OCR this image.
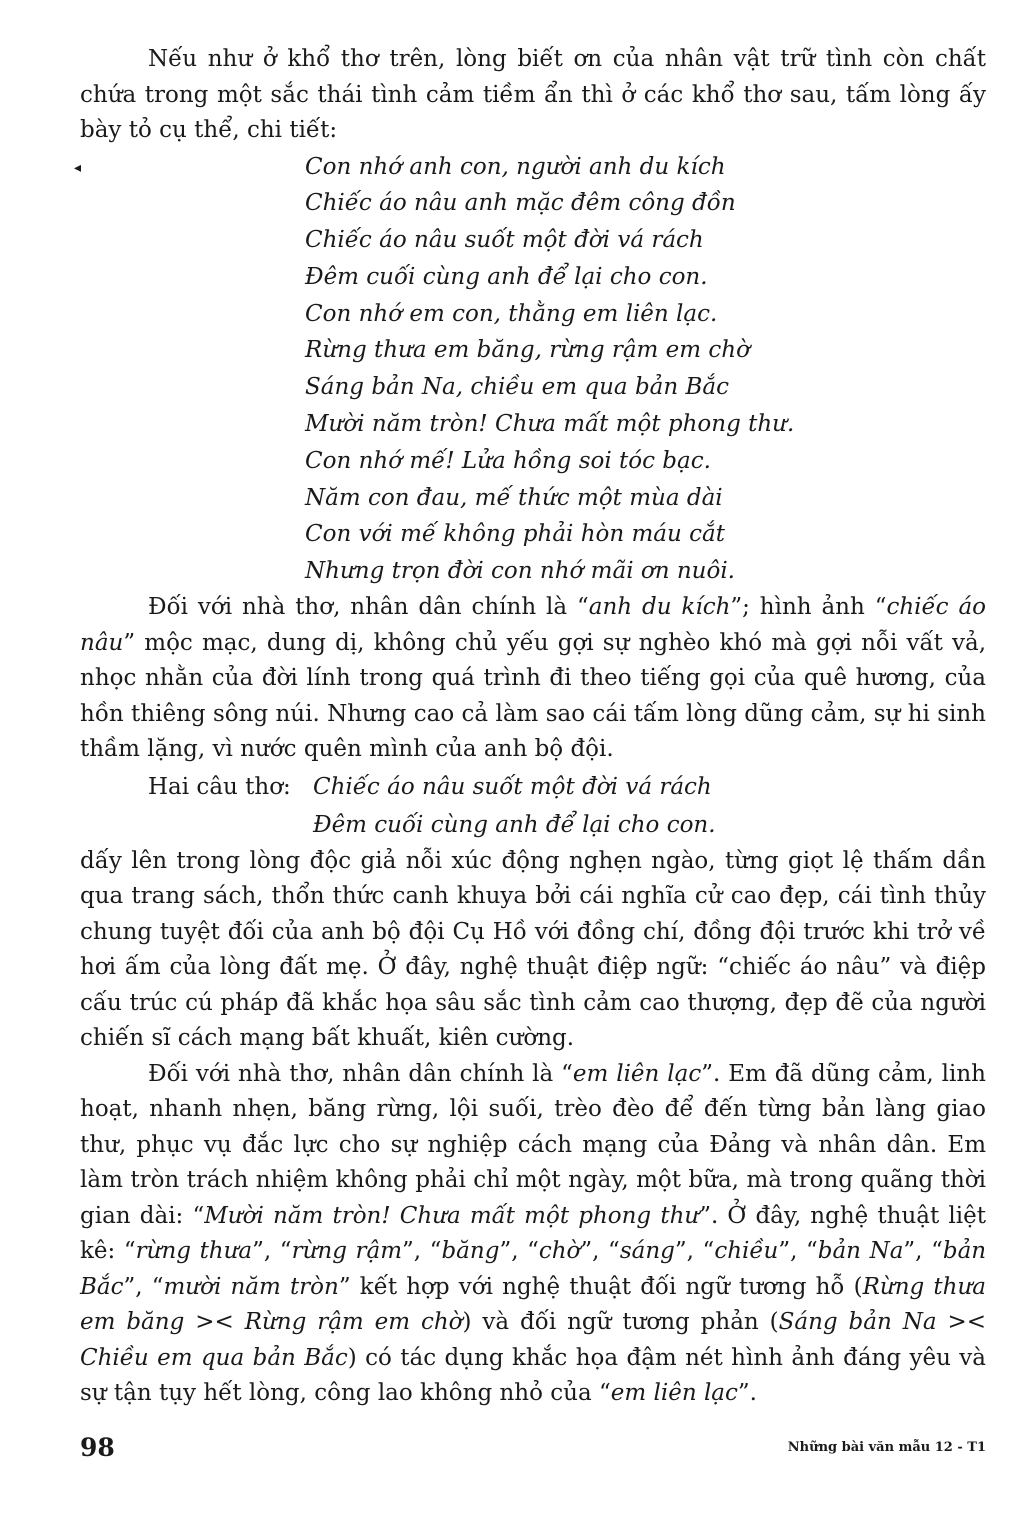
Nếu như ở khổ thơ trên, lòng biết ơn của nhân vật trữ tình còn chất chứa trong một sắc thái tình cảm tiềm ẩn thì ở các khổ thơ sau, tấm lòng ấy bày tỏ cụ thể, chi tiết:

Con nhớ anh con, người anh du kích
Chiếc áo nâu anh mặc đêm công đồn
Chiếc áo nâu suốt một đời vá rách
Đêm cuối cùng anh để lại cho con.
Con nhớ em con, thằng em liên lạc.
Rừng thưa em băng, rừng rậm em chờ
Sáng bản Na, chiều em qua bản Bắc
Mười năm tròn! Chưa mất một phong thư.
Con nhớ mế! Lửa hồng soi tóc bạc.
Năm con đau, mế thức một mùa dài
Con với mế không phải hòn máu cắt
Nhưng trọn đời con nhớ mãi ơn nuôi.

Đối với nhà thơ, nhân dân chính là “anh du kích”; hình ảnh “chiếc áo nâu” mộc mạc, dung dị, không chủ yếu gợi sự nghèo khó mà gợi nỗi vất vả, nhọc nhằn của đời lính trong quá trình đi theo tiếng gọi của quê hương, của hồn thiêng sông núi. Nhưng cao cả làm sao cái tấm lòng dũng cảm, sự hi sinh thầm lặng, vì nước quên mình của anh bộ đội.

Hai câu thơ: Chiếc áo nâu suốt một đời vá rách
Đêm cuối cùng anh để lại cho con.

dấy lên trong lòng độc giả nỗi xúc động nghẹn ngào, từng giọt lệ thấm dần qua trang sách, thổn thức canh khuya bởi cái nghĩa cử cao đẹp, cái tình thủy chung tuyệt đối của anh bộ đội Cụ Hồ với đồng chí, đồng đội trước khi trở về hơi ấm của lòng đất mẹ. Ở đây, nghệ thuật điệp ngữ: “chiếc áo nâu” và điệp cấu trúc cú pháp đã khắc họa sâu sắc tình cảm cao thượng, đẹp đẽ của người chiến sĩ cách mạng bất khuất, kiên cường.

Đối với nhà thơ, nhân dân chính là “em liên lạc”. Em đã dũng cảm, linh hoạt, nhanh nhẹn, băng rừng, lội suối, trèo đèo để đến từng bản làng giao thư, phục vụ đắc lực cho sự nghiệp cách mạng của Đảng và nhân dân. Em làm tròn trách nhiệm không phải chỉ một ngày, một bữa, mà trong quãng thời gian dài: “Mười năm tròn! Chưa mất một phong thư”. Ở đây, nghệ thuật liệt kê: “rừng thưa”, “rừng rậm”, “băng”, “chờ”, “sáng”, “chiều”, “bản Na”, “bản Bắc”, “mười năm tròn” kết hợp với nghệ thuật đối ngữ tương hỗ (Rừng thưa em băng >< Rừng rậm em chờ) và đối ngữ tương phản (Sáng bản Na >< Chiều em qua bản Bắc) có tác dụng khắc họa đậm nét hình ảnh đáng yêu và sự tận tụy hết lòng, công lao không nhỏ của “em liên lạc”.

◂
98	Những bài văn mẫu 12 - T1
